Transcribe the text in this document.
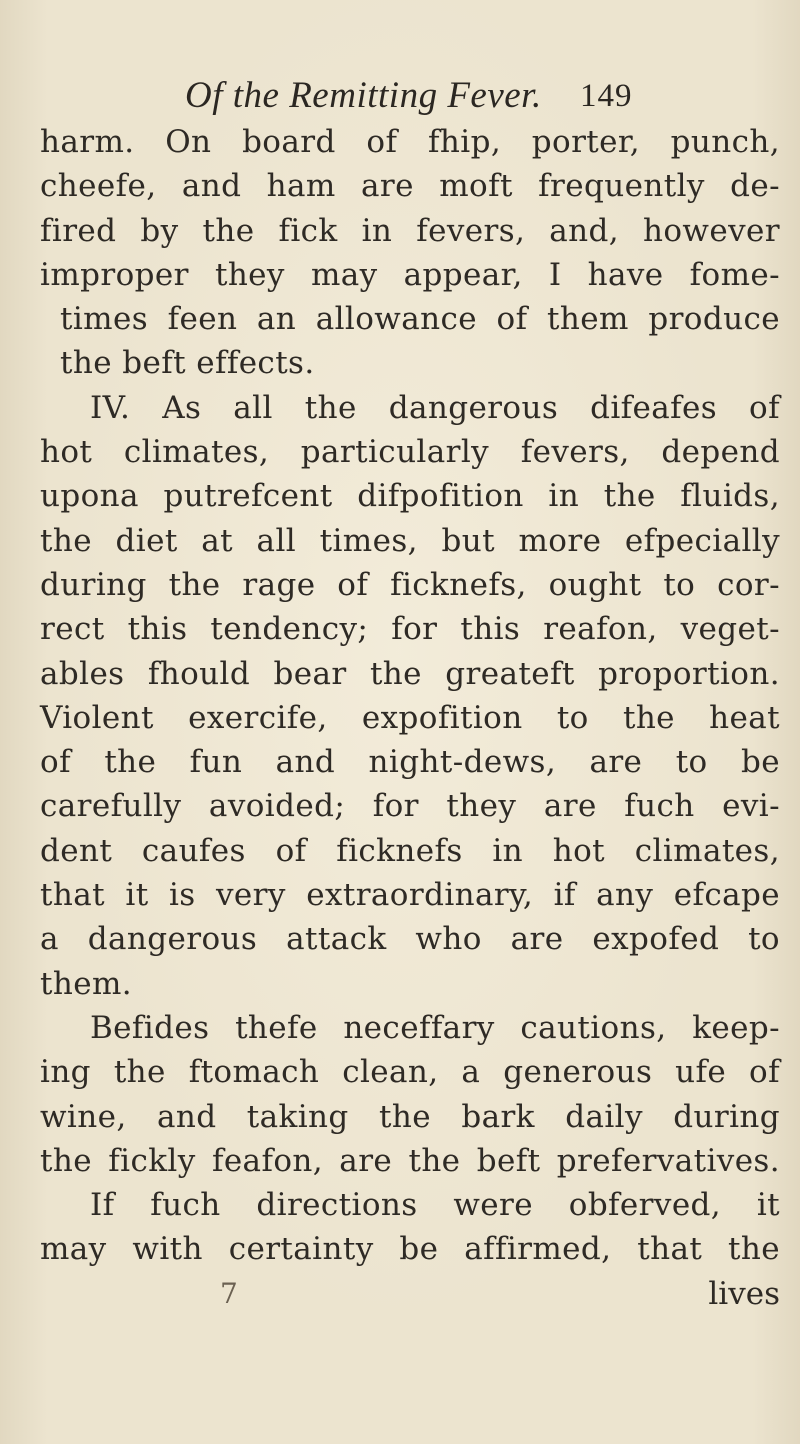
Of the Remitting Fever. 149
harm. On board of fhip, porter, punch,
cheefe, and ham are moft frequently de-
fired by the fick in fevers, and, however
improper they may appear, I have fome-
times feen an allowance of them produce
the beft effects.
IV. As all the dangerous difeafes of
hot climates, particularly fevers, depend
upona putrefcent difpofition in the fluids,
the diet at all times, but more efpecially
during the rage of ficknefs, ought to cor-
rect this tendency; for this reafon, veget-
ables fhould bear the greateft proportion.
Violent exercife, expofition to the heat
of the fun and night-dews, are to be
carefully avoided; for they are fuch evi-
dent caufes of ficknefs in hot climates,
that it is very extraordinary, if any efcape
a dangerous attack who are expofed to
them.
Befides thefe neceffary cautions, keep-
ing the ftomach clean, a generous ufe of
wine, and taking the bark daily during
the fickly feafon, are the beft prefervatives.
If fuch directions were obferved, it
may with certainty be affirmed, that the
7	lives
